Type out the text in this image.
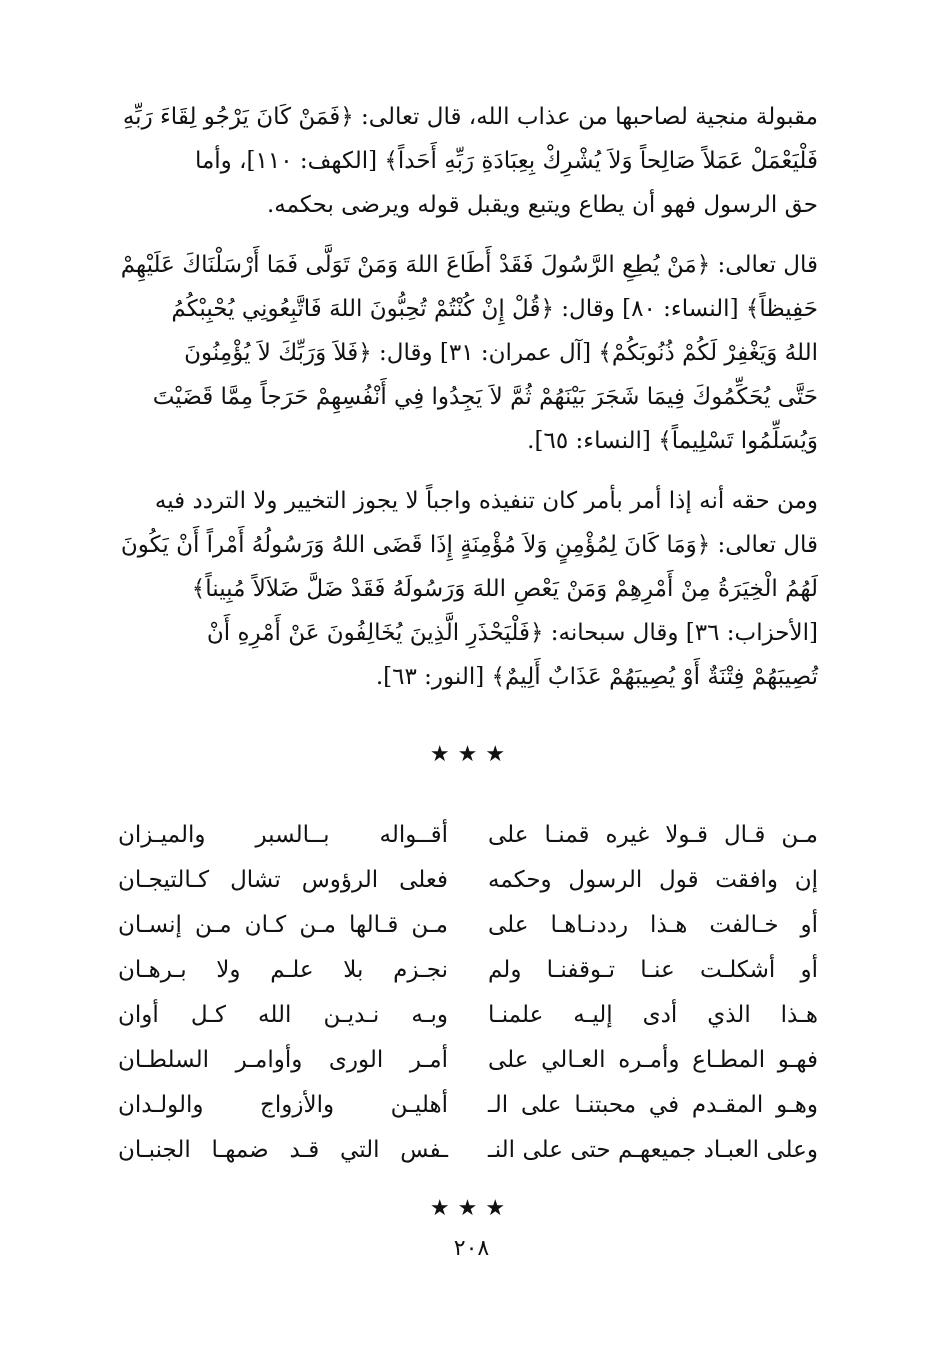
مقبولة منجية لصاحبها من عذاب الله، قال تعالى: ﴿فَمَنْ كَانَ يَرْجُو لِقَاءَ رَبِّهِ
فَلْيَعْمَلْ عَمَلاً صَالِحاً وَلاَ يُشْرِكْ بِعِبَادَةِ رَبِّهِ أَحَداً﴾ [الكهف: ١١٠]، وأما
حق الرسول فهو أن يطاع ويتبع ويقبل قوله ويرضى بحكمه.

قال تعالى: ﴿مَنْ يُطِعِ الرَّسُولَ فَقَدْ أَطَاعَ اللهَ وَمَنْ تَوَلَّى فَمَا أَرْسَلْنَاكَ عَلَيْهِمْ
حَفِيظاً﴾ [النساء: ٨٠] وقال: ﴿قُلْ إِنْ كُنْتُمْ تُحِبُّونَ اللهَ فَاتَّبِعُونِي يُحْبِبْكُمُ
اللهُ وَيَغْفِرْ لَكُمْ ذُنُوبَكُمْ﴾ [آل عمران: ٣١] وقال: ﴿فَلاَ وَرَبِّكَ لاَ يُؤْمِنُونَ
حَتَّى يُحَكِّمُوكَ فِيمَا شَجَرَ بَيْنَهُمْ ثُمَّ لاَ يَجِدُوا فِي أَنْفُسِهِمْ حَرَجاً مِمَّا قَضَيْتَ
وَيُسَلِّمُوا تَسْلِيماً﴾ [النساء: ٦٥].

ومن حقه أنه إذا أمر بأمر كان تنفيذه واجباً لا يجوز التخيير ولا التردد فيه
قال تعالى: ﴿وَمَا كَانَ لِمُؤْمِنٍ وَلاَ مُؤْمِنَةٍ إِذَا قَضَى اللهُ وَرَسُولُهُ أَمْراً أَنْ يَكُونَ
لَهُمُ الْخِيَرَةُ مِنْ أَمْرِهِمْ وَمَنْ يَعْصِ اللهَ وَرَسُولَهُ فَقَدْ ضَلَّ ضَلاَلاً مُبِيناً﴾
[الأحزاب: ٣٦] وقال سبحانه: ﴿فَلْيَحْذَرِ الَّذِينَ يُخَالِفُونَ عَنْ أَمْرِهِ أَنْ
تُصِيبَهُمْ فِتْنَةٌ أَوْ يُصِيبَهُمْ عَذَابٌ أَلِيمٌ﴾ [النور: ٦٣].

★★★
مـن قـال قـولا غيره قمنـا على
أقــواله بــالسبر والميـزان
إن وافقت قول الرسول وحكمه
فعلى الرؤوس تشال كـالتيجـان
أو خـالفت هـذا رددنـاهـا على
مـن قـالها مـن كـان مـن إنسـان
أو أشكلـت عنـا تـوقفنـا ولم
نجـزم بلا علـم ولا بـرهـان
هـذا الذي أدى إليـه علمنـا
وبـه نـديـن الله كـل أوان
فهـو المطـاع وأمـره العـالي على
أمـر الورى وأوامـر السلطـان
وهـو المقـدم في محبتنـا على الـ
أهليـن والأزواج والولـدان
وعلى العبـاد جميعهـم حتى على النـ
ـفس التي قـد ضمهـا الجنبـان
★★★
٢٠٨
